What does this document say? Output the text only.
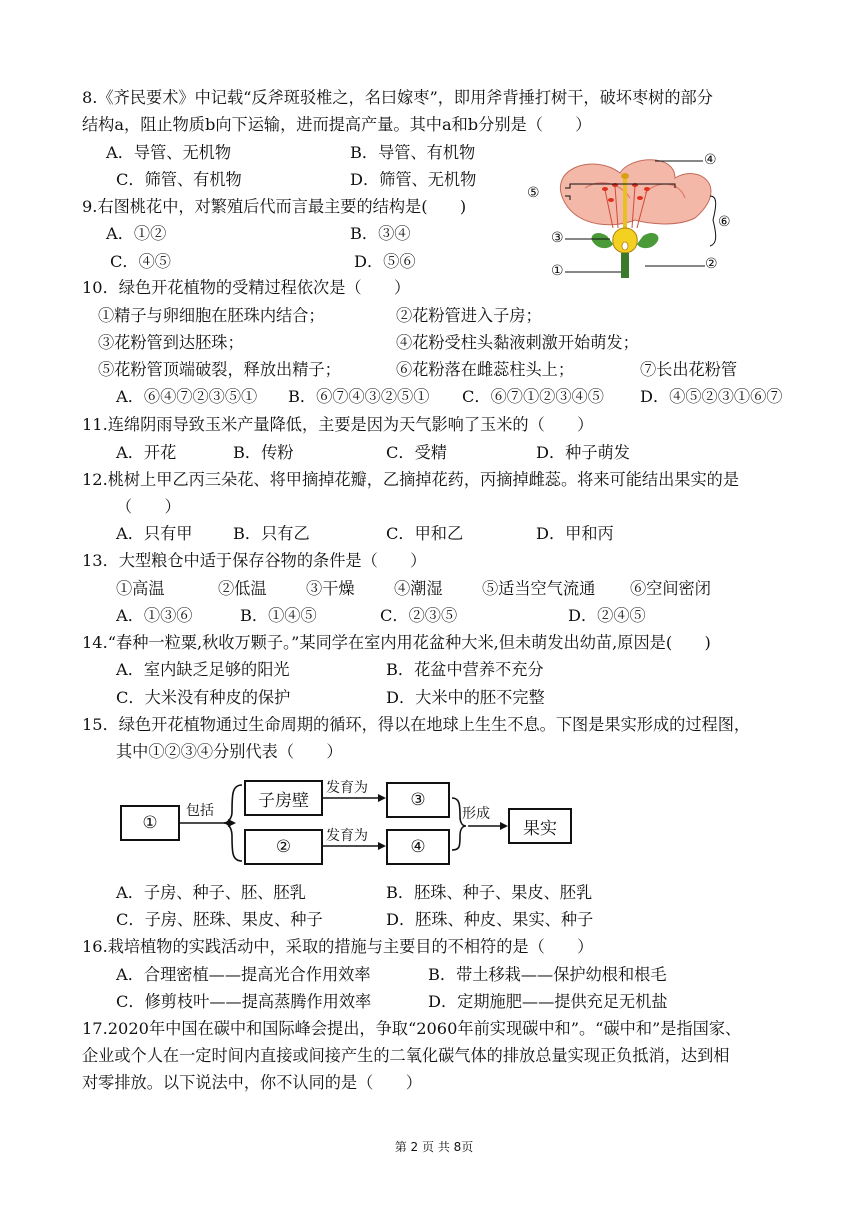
8.《齐民要术》中记载“反斧斑驳椎之，名曰嫁枣”，即用斧背捶打树干，破坏枣树的部分
结构a，阻止物质b向下运输，进而提高产量。其中a和b分别是（　　）
A．导管、无机物	B．导管、有机物
C．筛管、有机物	D．筛管、无机物
9.右图桃花中，对繁殖后代而言最主要的结构是(　　)
A．①②	B．③④
C．④⑤	D．⑤⑥
④
⑤
⑥
③
②
①
10．绿色开花植物的受精过程依次是（　　）
①精子与卵细胞在胚珠内结合；	②花粉管进入子房；
③花粉管到达胚珠；	④花粉受柱头黏液刺激开始萌发；
⑤花粉管顶端破裂，释放出精子；	⑥花粉落在雌蕊柱头上；	⑦长出花粉管
A．⑥④⑦②③⑤① B．⑥⑦④③②⑤① C．⑥⑦①②③④⑤ D．④⑤②③①⑥⑦
11.连绵阴雨导致玉米产量降低，主要是因为天气影响了玉米的（　　）
A．开花	B．传粉	C．受精	D．种子萌发
12.桃树上甲乙丙三朵花、将甲摘掉花瓣，乙摘掉花药，丙摘掉雌蕊。将来可能结出果实的是
（　　）
A．只有甲	B．只有乙	C．甲和乙	D．甲和丙
13．大型粮仓中适于保存谷物的条件是（　　）
①高温	②低温 ③干燥 ④潮湿 ⑤适当空气流通 ⑥空间密闭
A．①③⑥	B．①④⑤	C．②③⑤	D．②④⑤
14.“春种一粒粟,秋收万颗子。”某同学在室内用花盆种大米,但未萌发出幼苗,原因是(　　)
A．室内缺乏足够的阳光	B．花盆中营养不充分
C．大米没有种皮的保护	D．大米中的胚不完整
15．绿色开花植物通过生命周期的循环，得以在地球上生生不息。下图是果实形成的过程图，
其中①②③④分别代表（　　）
①
子房壁
②
③
④
果实
包括
发育为
发育为
形成
A．子房、种子、胚、胚乳	B．胚珠、种子、果皮、胚乳
C．子房、胚珠、果皮、种子	D．胚珠、种皮、果实、种子
16.栽培植物的实践活动中，采取的措施与主要目的不相符的是（　　）
A．合理密植——提高光合作用效率	B．带土移栽——保护幼根和根毛
C．修剪枝叶——提高蒸腾作用效率	D．定期施肥——提供充足无机盐
17.2020年中国在碳中和国际峰会提出，争取“2060年前实现碳中和”。“碳中和”是指国家、
企业或个人在一定时间内直接或间接产生的二氧化碳气体的排放总量实现正负抵消，达到相
对零排放。以下说法中，你不认同的是（　　）
第 2 页 共 8页
